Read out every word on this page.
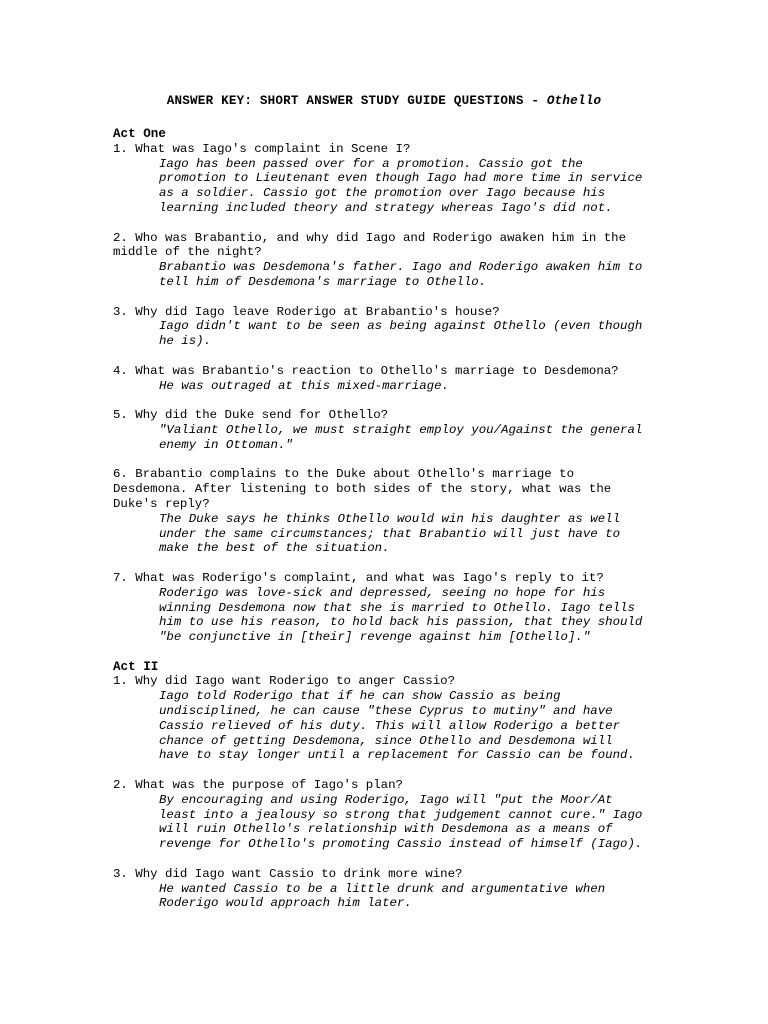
ANSWER KEY: SHORT ANSWER STUDY GUIDE QUESTIONS - Othello
Act One
1. What was Iago's complaint in Scene I?
Iago has been passed over for a promotion. Cassio got the
promotion to Lieutenant even though Iago had more time in service
as a soldier. Cassio got the promotion over Iago because his
learning included theory and strategy whereas Iago's did not.
2. Who was Brabantio, and why did Iago and Roderigo awaken him in the
middle of the night?
Brabantio was Desdemona's father. Iago and Roderigo awaken him to
tell him of Desdemona's marriage to Othello.
3. Why did Iago leave Roderigo at Brabantio's house?
Iago didn't want to be seen as being against Othello (even though
he is).
4. What was Brabantio's reaction to Othello's marriage to Desdemona?
He was outraged at this mixed-marriage.
5. Why did the Duke send for Othello?
"Valiant Othello, we must straight employ you/Against the general
enemy in Ottoman."
6. Brabantio complains to the Duke about Othello's marriage to
Desdemona. After listening to both sides of the story, what was the
Duke's reply?
The Duke says he thinks Othello would win his daughter as well
under the same circumstances; that Brabantio will just have to
make the best of the situation.
7. What was Roderigo's complaint, and what was Iago's reply to it?
Roderigo was love-sick and depressed, seeing no hope for his
winning Desdemona now that she is married to Othello. Iago tells
him to use his reason, to hold back his passion, that they should
"be conjunctive in [their] revenge against him [Othello]."
Act II
1. Why did Iago want Roderigo to anger Cassio?
Iago told Roderigo that if he can show Cassio as being
undisciplined, he can cause "these Cyprus to mutiny" and have
Cassio relieved of his duty. This will allow Roderigo a better
chance of getting Desdemona, since Othello and Desdemona will
have to stay longer until a replacement for Cassio can be found.
2. What was the purpose of Iago's plan?
By encouraging and using Roderigo, Iago will "put the Moor/At
least into a jealousy so strong that judgement cannot cure." Iago
will ruin Othello's relationship with Desdemona as a means of
revenge for Othello's promoting Cassio instead of himself (Iago).
3. Why did Iago want Cassio to drink more wine?
He wanted Cassio to be a little drunk and argumentative when
Roderigo would approach him later.
